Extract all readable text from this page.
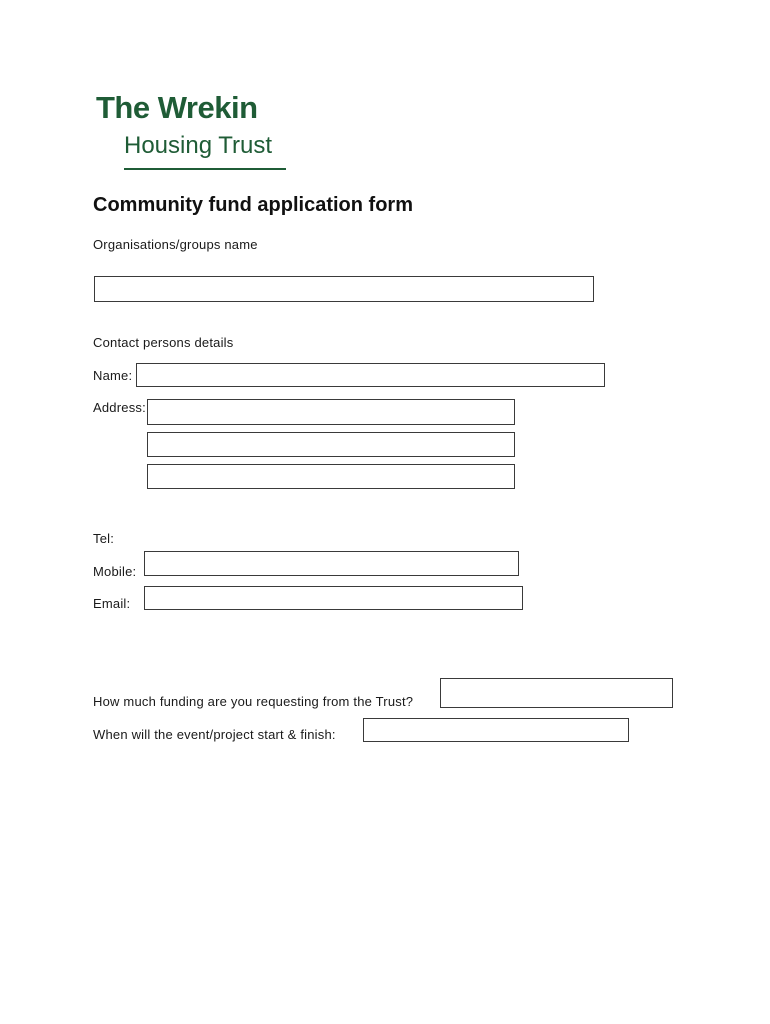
The Wrekin
Housing Trust
Community fund application form
Organisations/groups name
Contact persons details
Name:
Address:
Tel:
Mobile:
Email:
How much funding are you requesting from the Trust?
When will the event/project start & finish:
